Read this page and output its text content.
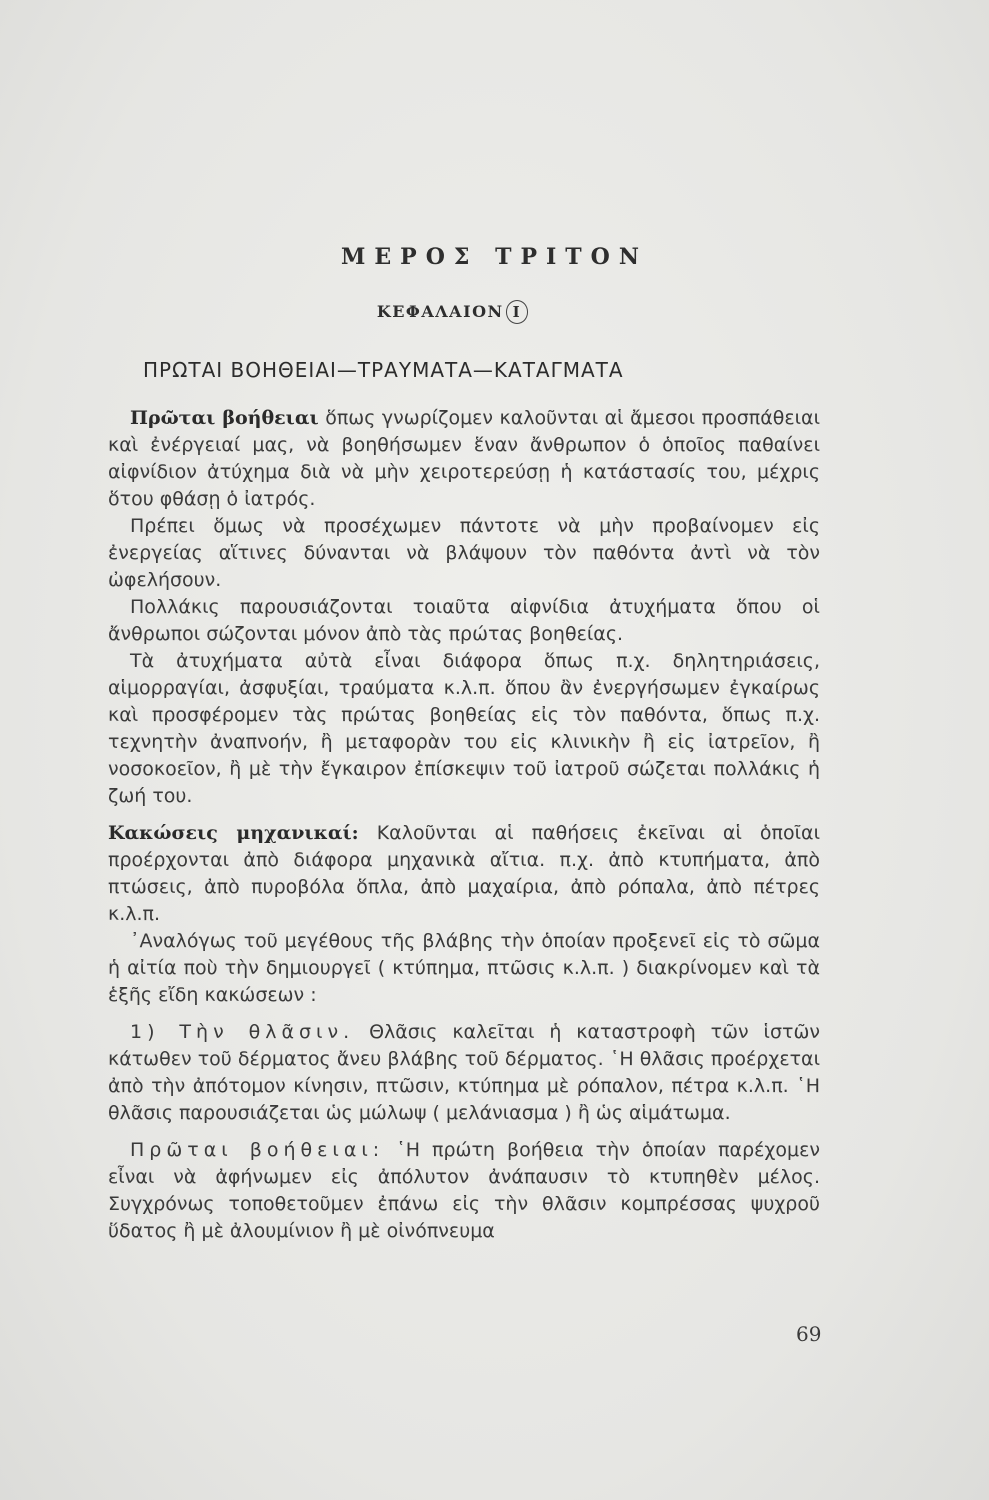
ΜΕΡΟΣ ΤΡΙΤΟΝ
ΚΕΦΑΛΑΙΟΝ I
ΠΡΩΤΑΙ ΒΟΗΘΕΙΑΙ—ΤΡΑΥΜΑΤΑ—ΚΑΤΑΓΜΑΤΑ

Πρῶται βοήθειαι ὅπως γνωρίζομεν καλοῦνται αἱ ἄμεσοι προσπάθειαι καὶ ἐνέργειαί μας, νὰ βοηθήσωμεν ἕναν ἄνθρωπον ὁ ὁποῖος παθαίνει αἰφνίδιον ἀτύχημα διὰ νὰ μὴν χειροτερεύσῃ ἡ κατάστασίς του, μέχρις ὅτου φθάσῃ ὁ ἰατρός.

Πρέπει ὅμως νὰ προσέχωμεν πάντοτε νὰ μὴν προβαίνομεν εἰς ἐνεργείας αἵτινες δύνανται νὰ βλάψουν τὸν παθόντα ἀντὶ νὰ τὸν ὠφελήσουν.

Πολλάκις παρουσιάζονται τοιαῦτα αἰφνίδια ἀτυχήματα ὅπου οἱ ἄνθρωποι σώζονται μόνον ἀπὸ τὰς πρώτας βοηθείας.

Τὰ ἀτυχήματα αὐτὰ εἶναι διάφορα ὅπως π.χ. δηλητηριάσεις, αἱμορραγίαι, ἀσφυξίαι, τραύματα κ.λ.π. ὅπου ἂν ἐνεργήσωμεν ἐγκαίρως καὶ προσφέρομεν τὰς πρώτας βοηθείας εἰς τὸν παθόντα, ὅπως π.χ. τεχνητὴν ἀναπνοήν, ἢ μεταφορὰν του εἰς κλινικὴν ἢ εἰς ἰατρεῖον, ἢ νοσοκοεῖον, ἢ μὲ τὴν ἔγκαιρον ἐπίσκεψιν τοῦ ἰατροῦ σώζεται πολλάκις ἡ ζωή του.

Κακώσεις μηχανικαί: Καλοῦνται αἱ παθήσεις ἐκεῖναι αἱ ὁποῖαι προέρχονται ἀπὸ διάφορα μηχανικὰ αἴτια. π.χ. ἀπὸ κτυπήματα, ἀπὸ πτώσεις, ἀπὸ πυροβόλα ὅπλα, ἀπὸ μαχαίρια, ἀπὸ ρόπαλα, ἀπὸ πέτρες κ.λ.π.

᾿Αναλόγως τοῦ μεγέθους τῆς βλάβης τὴν ὁποίαν προξενεῖ εἰς τὸ σῶμα ἡ αἰτία ποὺ τὴν δημιουργεῖ ( κτύπημα, πτῶσις κ.λ.π. ) διακρίνομεν καὶ τὰ ἑξῆς εἴδη κακώσεων :

1) Τὴν θλᾶσιν. Θλᾶσις καλεῖται ἡ καταστροφὴ τῶν ἱστῶν κάτωθεν τοῦ δέρματος ἄνευ βλάβης τοῦ δέρματος. ῾Η θλᾶσις προέρχεται ἀπὸ τὴν ἀπότομον κίνησιν, πτῶσιν, κτύπημα μὲ ρόπαλον, πέτρα κ.λ.π. ῾Η θλᾶσις παρουσιάζεται ὡς μώλωψ ( μελάνιασμα ) ἢ ὡς αἱμάτωμα.

Πρῶται βοήθειαι: ῾Η πρώτη βοήθεια τὴν ὁποίαν παρέχομεν εἶναι νὰ ἀφήνωμεν εἰς ἀπόλυτον ἀνάπαυσιν τὸ κτυπηθὲν μέλος. Συγχρόνως τοποθετοῦμεν ἐπάνω εἰς τὴν θλᾶσιν κομπρέσσας ψυχροῦ ὕδατος ἢ μὲ ἀλουμίνιον ἢ μὲ οἰνόπνευμα

69
